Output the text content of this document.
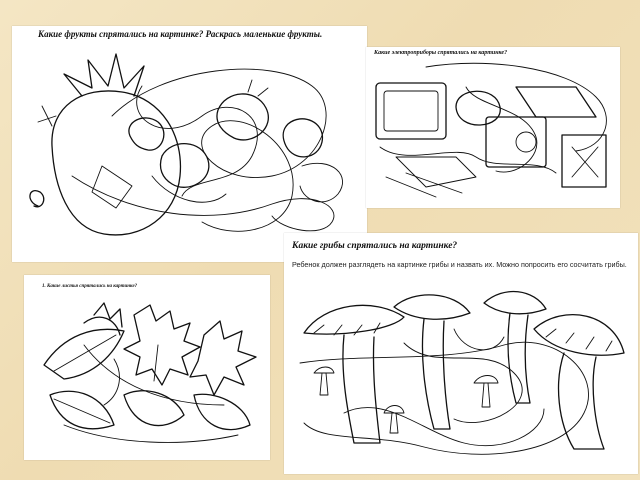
Какие фрукты спрятались на картинке? Раскрась маленькие фрукты.
Какие электроприборы спрятались на картинке?
1. Какие листья спрятались на картинке?
Какие грибы спрятались на картинке?
Ребенок должен разглядеть на картинке грибы и назвать их. Можно попросить его сосчитать грибы.
